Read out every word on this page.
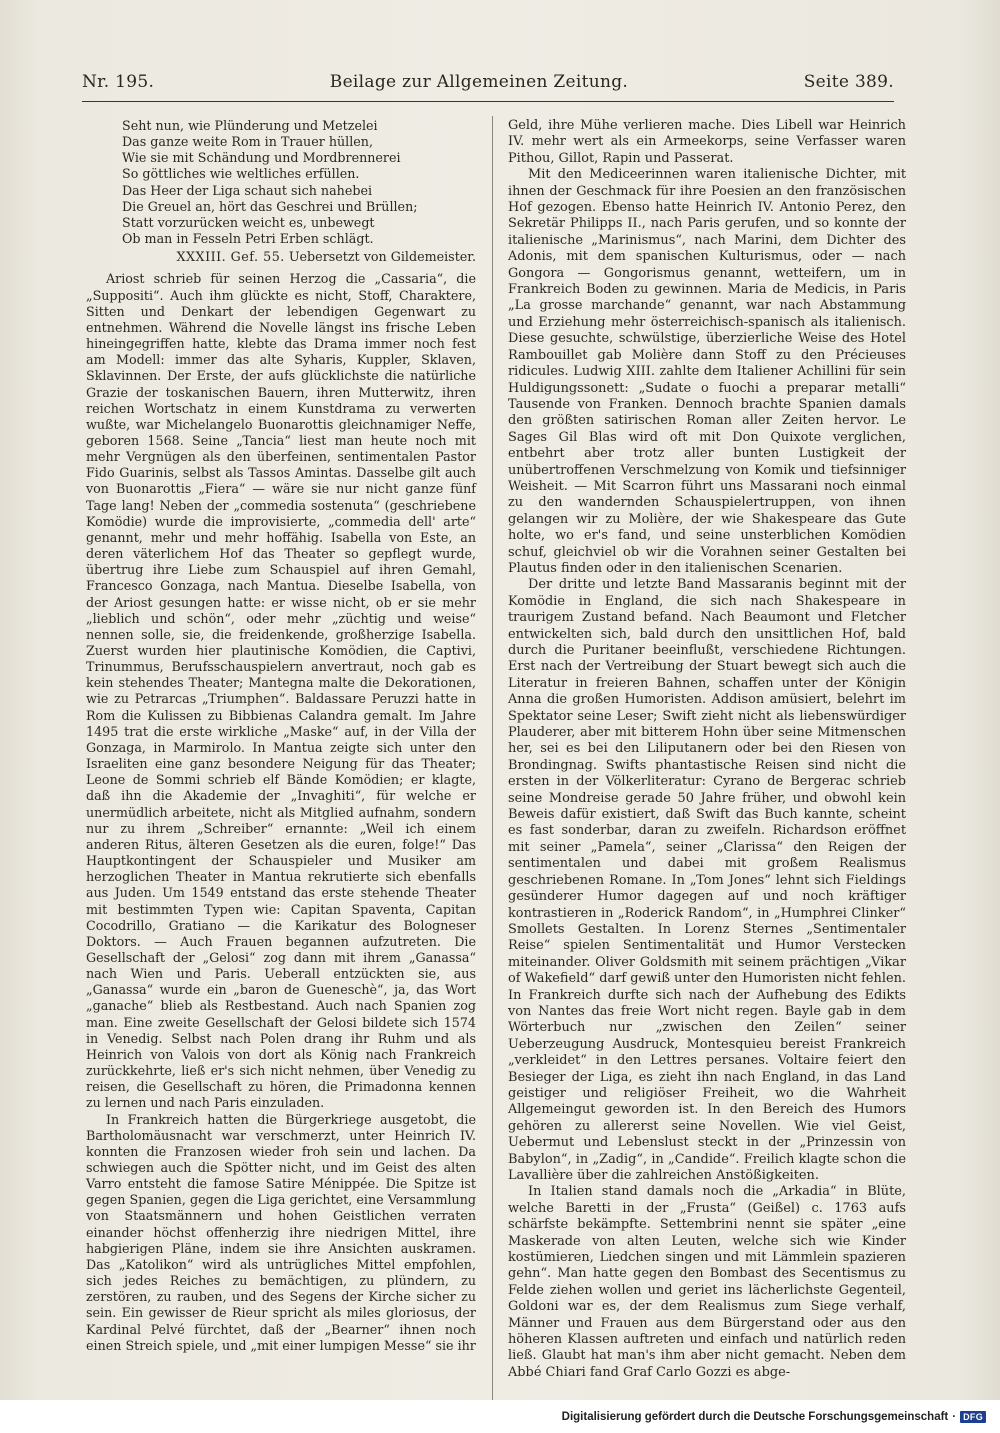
Nr. 195.	Beilage zur Allgemeinen Zeitung.	Seite 389.
Seht nun, wie Plünderung und Metzelei
Das ganze weite Rom in Trauer hüllen,
Wie sie mit Schändung und Mordbrennerei
So göttliches wie weltliches erfüllen.
Das Heer der Liga schaut sich nahebei
Die Greuel an, hört das Geschrei und Brüllen;
Statt vorzurücken weicht es, unbewegt
Ob man in Fesseln Petri Erben schlägt.
XXXIII. Gef. 55. Uebersetzt von Gildemeister.

Ariost schrieb für seinen Herzog die „Cassaria“, die „Suppositi“. Auch ihm glückte es nicht, Stoff, Charaktere, Sitten und Denkart der lebendigen Gegenwart zu entnehmen. Während die Novelle längst ins frische Leben hineingegriffen hatte, klebte das Drama immer noch fest am Modell: immer das alte Syharis, Kuppler, Sklaven, Sklavinnen. Der Erste, der aufs glücklichste die natürliche Grazie der toskanischen Bauern, ihren Mutterwitz, ihren reichen Wortschatz in einem Kunstdrama zu verwerten wußte, war Michelangelo Buonarottis gleichnamiger Neffe, geboren 1568. Seine „Tancia“ liest man heute noch mit mehr Vergnügen als den überfeinen, sentimentalen Pastor Fido Guarinis, selbst als Tassos Amintas. Dasselbe gilt auch von Buonarottis „Fiera“ — wäre sie nur nicht ganze fünf Tage lang! Neben der „commedia sostenuta“ (geschriebene Komödie) wurde die improvisierte, „commedia dell' arte“ genannt, mehr und mehr hoffähig. Isabella von Este, an deren väterlichem Hof das Theater so gepflegt wurde, übertrug ihre Liebe zum Schauspiel auf ihren Gemahl, Francesco Gonzaga, nach Mantua. Dieselbe Isabella, von der Ariost gesungen hatte: er wisse nicht, ob er sie mehr „lieblich und schön“, oder mehr „züchtig und weise“ nennen solle, sie, die freidenkende, großherzige Isabella. Zuerst wurden hier plautinische Komödien, die Captivi, Trinummus, Berufsschauspielern anvertraut, noch gab es kein stehendes Theater; Mantegna malte die Dekorationen, wie zu Petrarcas „Triumphen“. Baldassare Peruzzi hatte in Rom die Kulissen zu Bibbienas Calandra gemalt. Im Jahre 1495 trat die erste wirkliche „Maske“ auf, in der Villa der Gonzaga, in Marmirolo. In Mantua zeigte sich unter den Israeliten eine ganz besondere Neigung für das Theater; Leone de Sommi schrieb elf Bände Komödien; er klagte, daß ihn die Akademie der „Invaghiti“, für welche er unermüdlich arbeitete, nicht als Mitglied aufnahm, sondern nur zu ihrem „Schreiber“ ernannte: „Weil ich einem anderen Ritus, älteren Gesetzen als die euren, folge!“ Das Hauptkontingent der Schauspieler und Musiker am herzoglichen Theater in Mantua rekrutierte sich ebenfalls aus Juden. Um 1549 entstand das erste stehende Theater mit bestimmten Typen wie: Capitan Spaventa, Capitan Cocodrillo, Gratiano — die Karikatur des Bologneser Doktors. — Auch Frauen begannen aufzutreten. Die Gesellschaft der „Gelosi“ zog dann mit ihrem „Ganassa“ nach Wien und Paris. Ueberall entzückten sie, aus „Ganassa“ wurde ein „baron de Gueneschè“, ja, das Wort „ganache“ blieb als Restbestand. Auch nach Spanien zog man. Eine zweite Gesellschaft der Gelosi bildete sich 1574 in Venedig. Selbst nach Polen drang ihr Ruhm und als Heinrich von Valois von dort als König nach Frankreich zurückkehrte, ließ er's sich nicht nehmen, über Venedig zu reisen, die Gesellschaft zu hören, die Primadonna kennen zu lernen und nach Paris einzuladen.

In Frankreich hatten die Bürgerkriege ausgetobt, die Bartholomäusnacht war verschmerzt, unter Heinrich IV. konnten die Franzosen wieder froh sein und lachen. Da schwiegen auch die Spötter nicht, und im Geist des alten Varro entsteht die famose Satire Ménippée. Die Spitze ist gegen Spanien, gegen die Liga gerichtet, eine Versammlung von Staatsmännern und hohen Geistlichen verraten einander höchst offenherzig ihre niedrigen Mittel, ihre habgierigen Pläne, indem sie ihre Ansichten auskramen. Das „Katolikon“ wird als untrügliches Mittel empfohlen, sich jedes Reiches zu bemächtigen, zu plündern, zu zerstören, zu rauben, und des Segens der Kirche sicher zu sein. Ein gewisser de Rieur spricht als miles gloriosus, der Kardinal Pelvé fürchtet, daß der „Bearner“ ihnen noch einen Streich spiele, und „mit einer lumpigen Messe“ sie ihr

Geld, ihre Mühe verlieren mache. Dies Libell war Heinrich IV. mehr wert als ein Armeekorps, seine Verfasser waren Pithou, Gillot, Rapin und Passerat.

Mit den Mediceerinnen waren italienische Dichter, mit ihnen der Geschmack für ihre Poesien an den französischen Hof gezogen. Ebenso hatte Heinrich IV. Antonio Perez, den Sekretär Philipps II., nach Paris gerufen, und so konnte der italienische „Marinismus“, nach Marini, dem Dichter des Adonis, mit dem spanischen Kulturismus, oder — nach Gongora — Gongorismus genannt, wetteifern, um in Frankreich Boden zu gewinnen. Maria de Medicis, in Paris „La grosse marchande“ genannt, war nach Abstammung und Erziehung mehr österreichisch-spanisch als italienisch. Diese gesuchte, schwülstige, überzierliche Weise des Hotel Rambouillet gab Molière dann Stoff zu den Précieuses ridicules. Ludwig XIII. zahlte dem Italiener Achillini für sein Huldigungssonett: „Sudate o fuochi a preparar metalli“ Tausende von Franken. Dennoch brachte Spanien damals den größten satirischen Roman aller Zeiten hervor. Le Sages Gil Blas wird oft mit Don Quixote verglichen, entbehrt aber trotz aller bunten Lustigkeit der unübertroffenen Verschmelzung von Komik und tiefsinniger Weisheit. — Mit Scarron führt uns Massarani noch einmal zu den wandernden Schauspielertruppen, von ihnen gelangen wir zu Molière, der wie Shakespeare das Gute holte, wo er's fand, und seine unsterblichen Komödien schuf, gleichviel ob wir die Vorahnen seiner Gestalten bei Plautus finden oder in den italienischen Scenarien.

Der dritte und letzte Band Massaranis beginnt mit der Komödie in England, die sich nach Shakespeare in traurigem Zustand befand. Nach Beaumont und Fletcher entwickelten sich, bald durch den unsittlichen Hof, bald durch die Puritaner beeinflußt, verschiedene Richtungen. Erst nach der Vertreibung der Stuart bewegt sich auch die Literatur in freieren Bahnen, schaffen unter der Königin Anna die großen Humoristen. Addison amüsiert, belehrt im Spektator seine Leser; Swift zieht nicht als liebenswürdiger Plauderer, aber mit bitterem Hohn über seine Mitmenschen her, sei es bei den Liliputanern oder bei den Riesen von Brondingnag. Swifts phantastische Reisen sind nicht die ersten in der Völkerliteratur: Cyrano de Bergerac schrieb seine Mondreise gerade 50 Jahre früher, und obwohl kein Beweis dafür existiert, daß Swift das Buch kannte, scheint es fast sonderbar, daran zu zweifeln. Richardson eröffnet mit seiner „Pamela“, seiner „Clarissa“ den Reigen der sentimentalen und dabei mit großem Realismus geschriebenen Romane. In „Tom Jones“ lehnt sich Fieldings gesünderer Humor dagegen auf und noch kräftiger kontrastieren in „Roderick Random“, in „Humphrei Clinker“ Smollets Gestalten. In Lorenz Sternes „Sentimentaler Reise“ spielen Sentimentalität und Humor Verstecken miteinander. Oliver Goldsmith mit seinem prächtigen „Vikar of Wakefield“ darf gewiß unter den Humoristen nicht fehlen. In Frankreich durfte sich nach der Aufhebung des Edikts von Nantes das freie Wort nicht regen. Bayle gab in dem Wörterbuch nur „zwischen den Zeilen“ seiner Ueberzeugung Ausdruck, Montesquieu bereist Frankreich „verkleidet“ in den Lettres persanes. Voltaire feiert den Besieger der Liga, es zieht ihn nach England, in das Land geistiger und religiöser Freiheit, wo die Wahrheit Allgemeingut geworden ist. In den Bereich des Humors gehören zu allererst seine Novellen. Wie viel Geist, Uebermut und Lebenslust steckt in der „Prinzessin von Babylon“, in „Zadig“, in „Candide“. Freilich klagte schon die Lavallière über die zahlreichen Anstößigkeiten.

In Italien stand damals noch die „Arkadia“ in Blüte, welche Baretti in der „Frusta“ (Geißel) c. 1763 aufs schärfste bekämpfte. Settembrini nennt sie später „eine Maskerade von alten Leuten, welche sich wie Kinder kostümieren, Liedchen singen und mit Lämmlein spazieren gehn“. Man hatte gegen den Bombast des Secentismus zu Felde ziehen wollen und geriet ins lächerlichste Gegenteil, Goldoni war es, der dem Realismus zum Siege verhalf, Männer und Frauen aus dem Bürgerstand oder aus den höheren Klassen auftreten und einfach und natürlich reden ließ. Glaubt hat man's ihm aber nicht gemacht. Neben dem Abbé Chiari fand Graf Carlo Gozzi es abge-

Digitalisierung gefördert durch die Deutsche Forschungsgemeinschaft · DFG
